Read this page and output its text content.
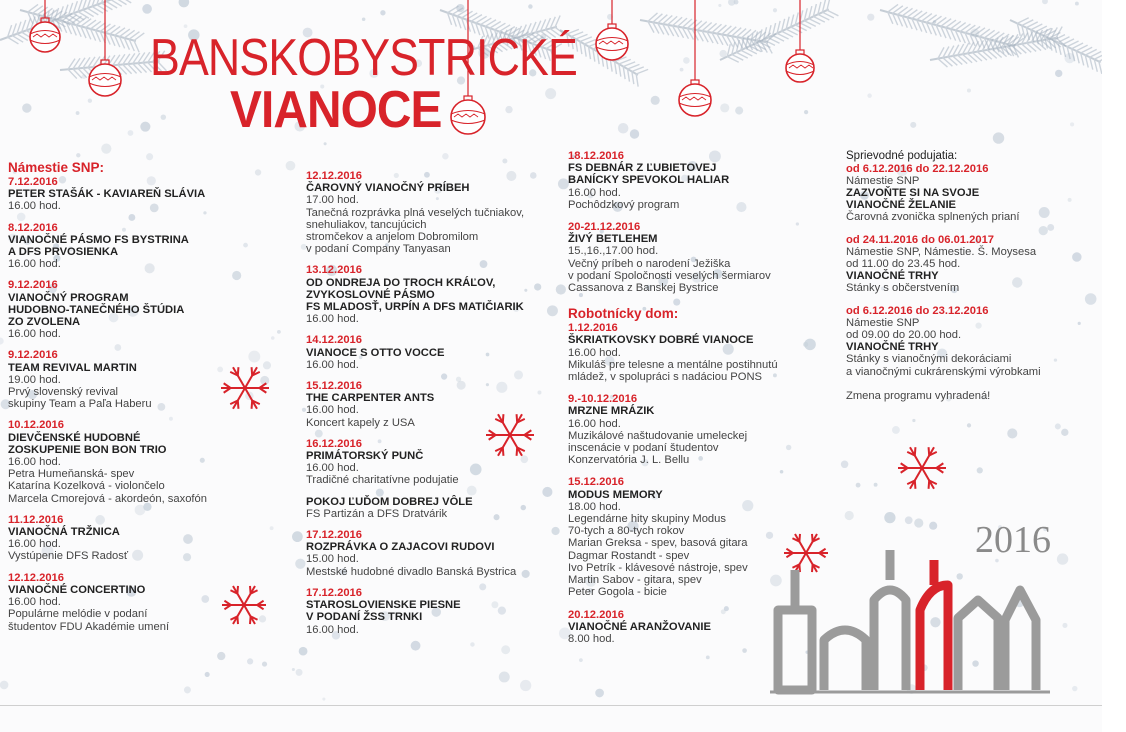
BANSKOBYSTRICKÉ
VIANOCE
Námestie SNP:
7.12.2016
PETER STAŠÁK - KAVIAREŇ SLÁVIA
16.00 hod.
8.12.2016
VIANOČNÉ PÁSMO FS BYSTRINA
A DFS PRVOSIENKA
16.00 hod.
9.12.2016
VIANOČNÝ PROGRAM
HUDOBNO-TANEČNÉHO ŠTÚDIA
ZO ZVOLENA
16.00 hod.
9.12.2016
TEAM REVIVAL MARTIN
19.00 hod.
Prvý slovenský revival
skupiny Team a Paľa Haberu
10.12.2016
DIEVČENSKÉ HUDOBNÉ
ZOSKUPENIE BON BON TRIO
16.00 hod.
Petra Humeňanská- spev
Katarína Kozelková - violončelo
Marcela Cmorejová - akordeón, saxofón
11.12.2016
VIANOČNÁ TRŽNICA
16.00 hod.
Vystúpenie DFS Radosť
12.12.2016
VIANOČNÉ CONCERTINO
16.00 hod.
Populárne melódie v podaní
študentov FDU Akadémie umení
12.12.2016
ČAROVNÝ VIANOČNÝ PRÍBEH
17.00 hod.
Tanečná rozprávka plná veselých tučniakov,
snehuliakov, tancujúcich
stromčekov a anjelom Dobromilom
v podaní Company Tanyasan
13.12.2016
OD ONDREJA DO TROCH KRÁĽOV,
ZVYKOSLOVNÉ PÁSMO
FS MLADOSŤ, URPÍN A DFS MATIČIARIK
16.00 hod.
14.12.2016
VIANOCE S OTTO VOCCE
16.00 hod.
15.12.2016
THE CARPENTER ANTS
16.00 hod.
Koncert kapely z USA
16.12.2016
PRIMÁTORSKÝ PUNČ
16.00 hod.
Tradičné charitatívne podujatie
POKOJ ĽUĎOM DOBREJ VÔLE
FS Partizán a DFS Dratvárik
17.12.2016
ROZPRÁVKA O ZAJACOVI RUDOVI
15.00 hod.
Mestské hudobné divadlo Banská Bystrica
17.12.2016
STAROSLOVIENSKE PIESNE
V PODANÍ ŽSS TRNKI
16.00 hod.
18.12.2016
FS DEBNÁR Z ĽUBIETOVEJ
BANÍCKY SPEVOKOL HALIAR
16.00 hod.
Pochôdzkový program
20-21.12.2016
ŽIVÝ BETLEHEM
15.,16.,17.00 hod.
Večný príbeh o narodení Ježiška
v podaní Spoločnosti veselých šermiarov
Cassanova z Banskej Bystrice
Robotnícky dom:
1.12.2016
ŠKRIATKOVSKY DOBRÉ VIANOCE
16.00 hod.
Mikuláš pre telesne a mentálne postihnutú
mládež, v spolupráci s nadáciou PONS
9.-10.12.2016
MRZNE MRÁZIK
16.00 hod.
Muzikálové naštudovanie umeleckej
inscenácie v podaní študentov
Konzervatória J. L. Bellu
15.12.2016
MODUS MEMORY
18.00 hod.
Legendárne hity skupiny Modus
70-tych a 80-tych rokov
Marian Greksa - spev, basová gitara
Dagmar Rostandt - spev
Ivo Petrík - klávesové nástroje, spev
Martin Sabov - gitara, spev
Peter Gogola - bicie
20.12.2016
VIANOČNÉ ARANŽOVANIE
8.00 hod.
Sprievodné podujatia:
od 6.12.2016 do 22.12.2016
Námestie SNP
ZAZVOŇTE SI NA SVOJE
VIANOČNÉ ŽELANIE
Čarovná zvonička splnených prianí
od 24.11.2016 do 06.01.2017
Námestie SNP, Námestie. Š. Moysesa
od 11.00 do 23.45 hod.
VIANOČNÉ TRHY
Stánky s občerstvením
od 6.12.2016 do 23.12.2016
Námestie SNP
od 09.00 do 20.00 hod.
VIANOČNÉ TRHY
Stánky s vianočnými dekoráciami
a vianočnými cukrárenskými výrobkami
Zmena programu vyhradená!
2016
